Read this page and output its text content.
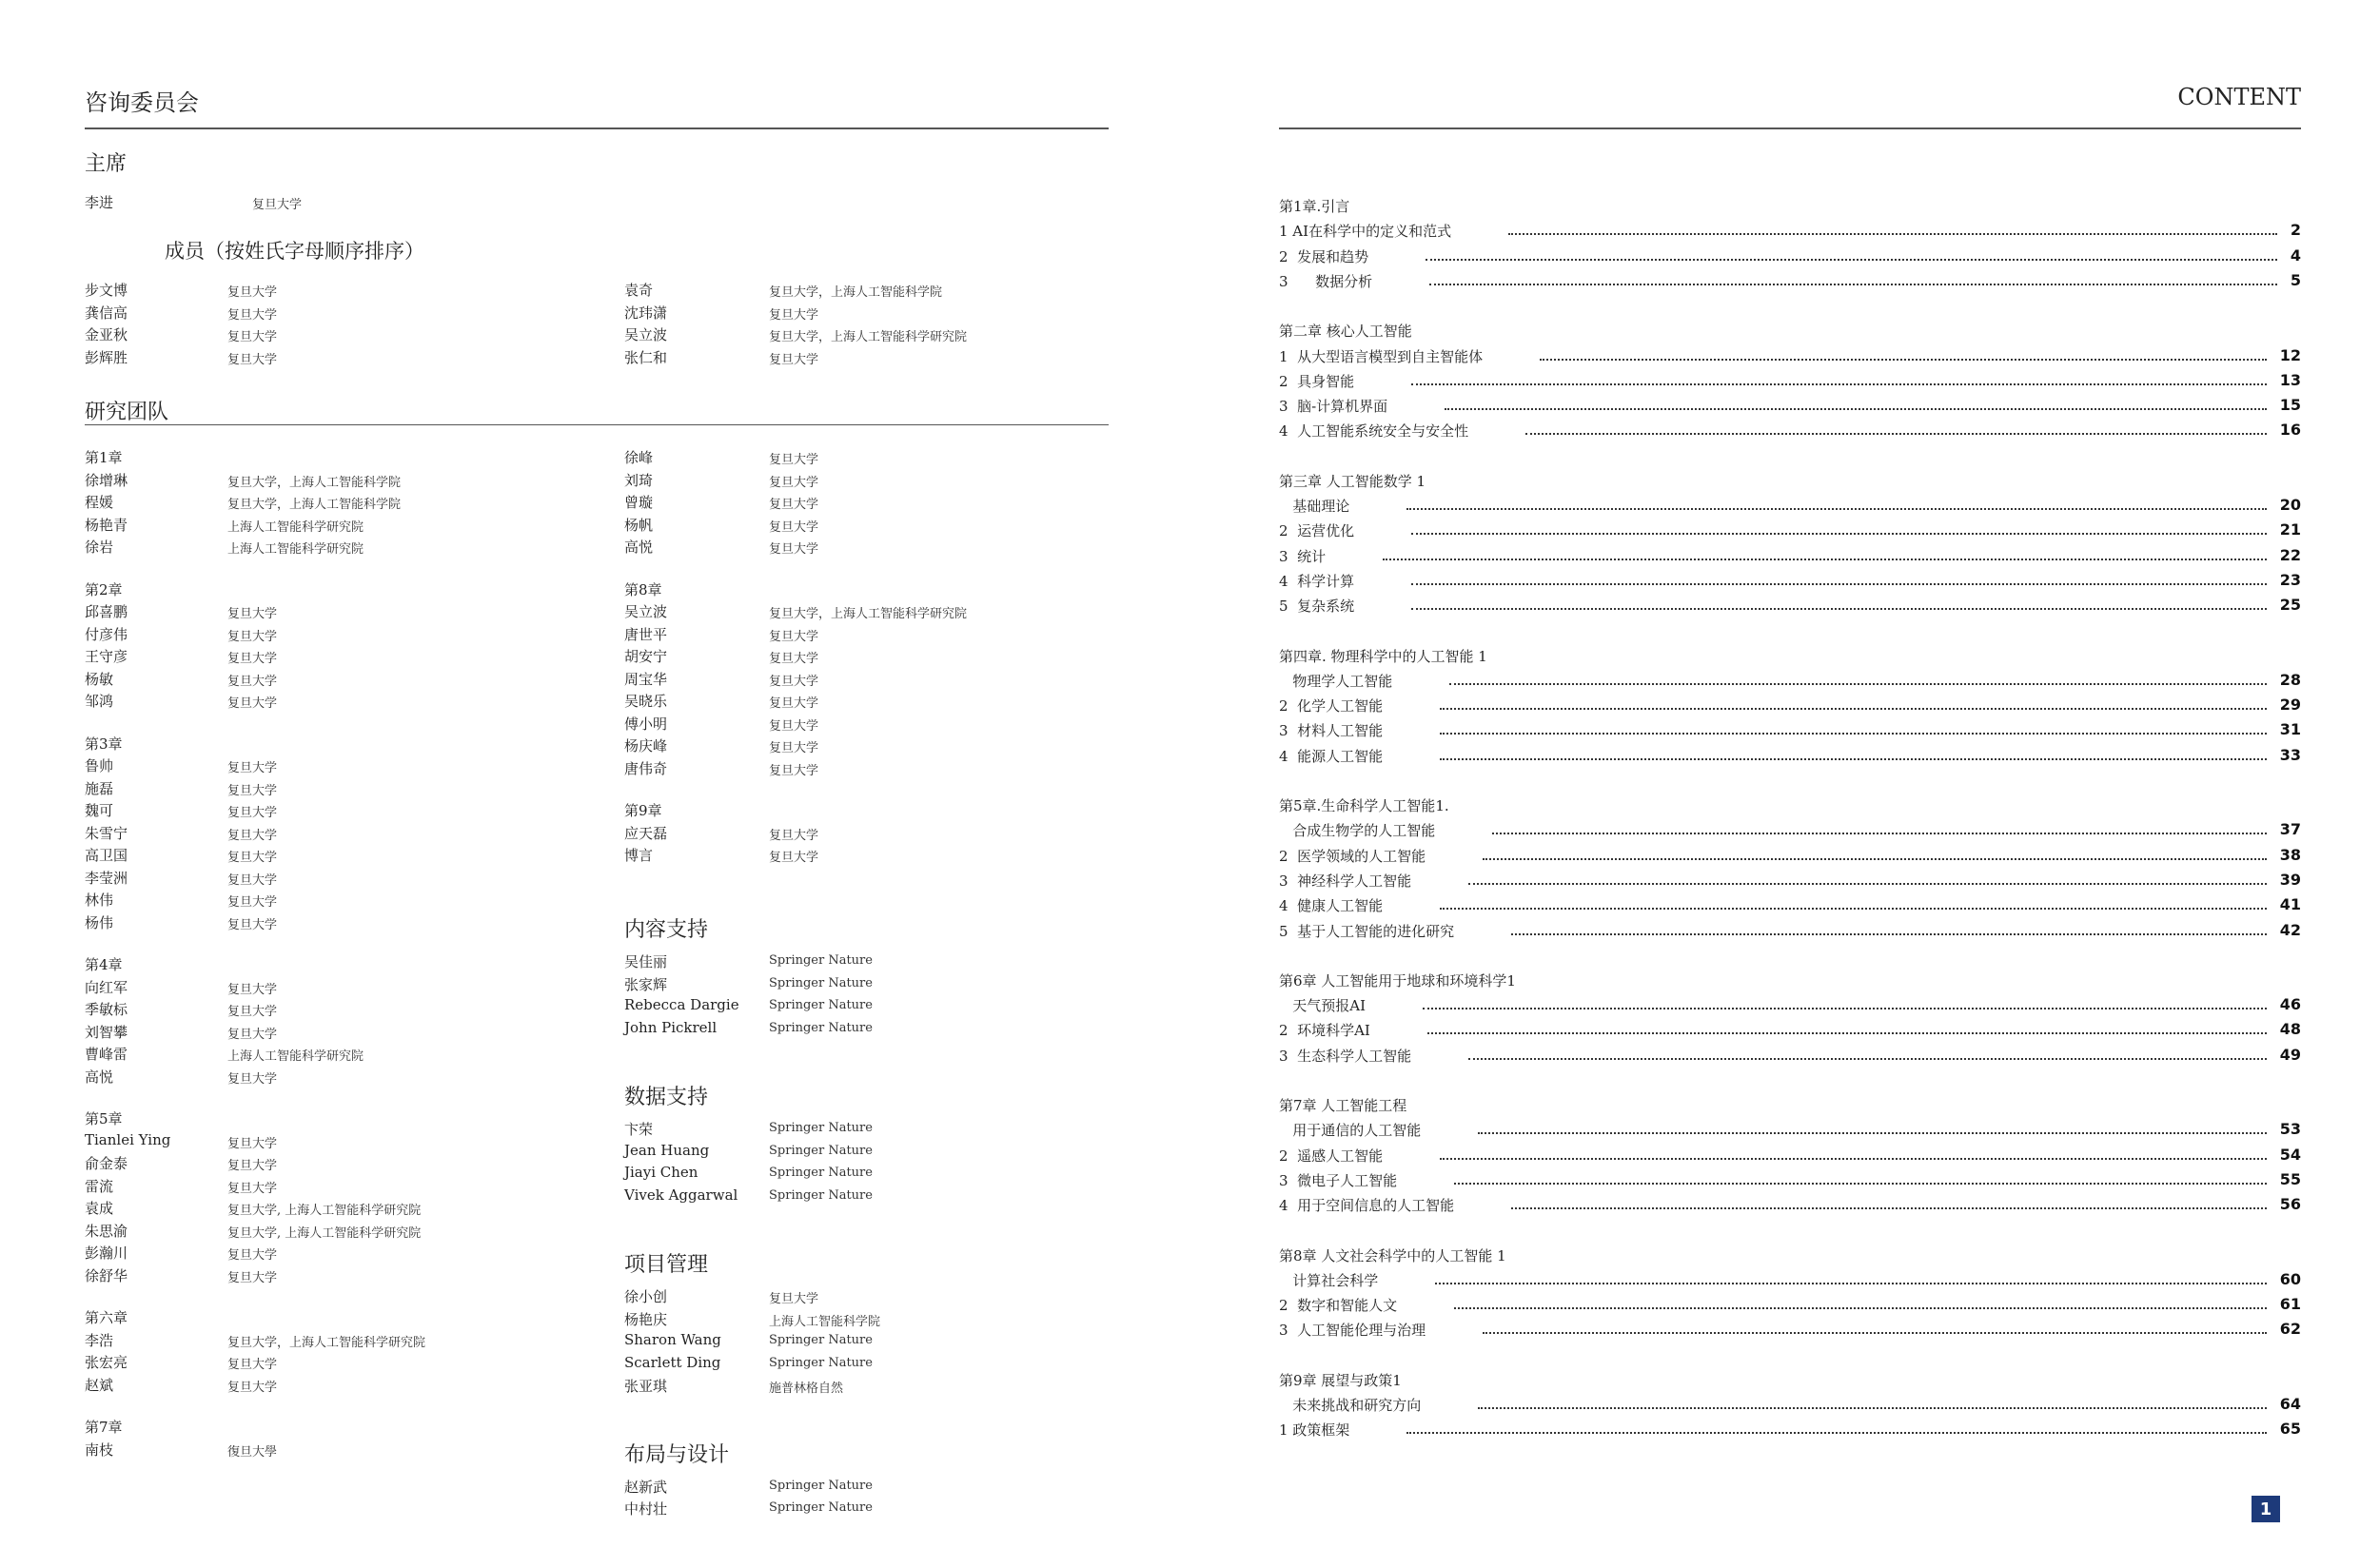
咨询委员会
主席
李进	复旦大学
成员（按姓氏字母顺序排序）
步文博	复旦大学
龚信高	复旦大学
金亚秋	复旦大学
彭辉胜	复旦大学
袁奇	复旦大学，上海人工智能科学院
沈玮潇	复旦大学
吴立波	复旦大学，上海人工智能科学研究院
张仁和	复旦大学
研究团队
第1章
徐增琳	复旦大学，上海人工智能科学院
程媛	复旦大学，上海人工智能科学院
杨艳青	上海人工智能科学研究院
徐岩	上海人工智能科学研究院
第2章
邱喜鹏	复旦大学
付彦伟	复旦大学
王守彦	复旦大学
杨敏	复旦大学
邹鸿	复旦大学
第3章
鲁帅	复旦大学
施磊	复旦大学
魏可	复旦大学
朱雪宁	复旦大学
高卫国	复旦大学
李莹洲	复旦大学
林伟	复旦大学
杨伟	复旦大学
第4章
向红军	复旦大学
季敏标	复旦大学
刘智攀	复旦大学
曹峰雷	上海人工智能科学研究院
高悦	复旦大学
第5章
Tianlei Ying	复旦大学
俞金泰	复旦大学
雷流	复旦大学
袁成	复旦大学, 上海人工智能科学研究院
朱思渝	复旦大学, 上海人工智能科学研究院
彭瀚川	复旦大学
徐舒华	复旦大学
第六章
李浩	复旦大学，上海人工智能科学研究院
张宏亮	复旦大学
赵斌	复旦大学
第7章
南枝	復旦大學
徐峰	复旦大学
刘琦	复旦大学
曾璇	复旦大学
杨帆	复旦大学
高悦	复旦大学
第8章
吴立波	复旦大学，上海人工智能科学研究院
唐世平	复旦大学
胡安宁	复旦大学
周宝华	复旦大学
吴晓乐	复旦大学
傅小明	复旦大学
杨庆峰	复旦大学
唐伟奇	复旦大学
第9章
应天磊	复旦大学
博言	复旦大学
内容支持
吴佳丽	Springer Nature
张家辉	Springer Nature
Rebecca Dargie Springer Nature
John Pickrell	Springer Nature
数据支持
卞荣	Springer Nature
Jean Huang	Springer Nature
Jiayi Chen	Springer Nature
Vivek Aggarwal	Springer Nature
项目管理
徐小创	复旦大学
杨艳庆	上海人工智能科学院
Sharon Wang	Springer Nature
Scarlett Ding	Springer Nature
张亚琪	施普林格自然
布局与设计
赵新武	Springer Nature
中村壮	Springer Nature
CONTENT
第1章.引言
1 AI在科学中的定义和范式	2
2  发展和趋势	4
3      数据分析	5
第二章 核心人工智能
1  从大型语言模型到自主智能体	12
2  具身智能	13
3  脑-计算机界面	15
4  人工智能系统安全与安全性	16
第三章 人工智能数学 1
基础理论	20
2  运营优化	21
3  统计	22
4  科学计算	23
5  复杂系统	25
第四章. 物理科学中的人工智能 1
物理学人工智能	28
2  化学人工智能	29
3  材料人工智能	31
4  能源人工智能	33
第5章.生命科学人工智能1.
合成生物学的人工智能	37
2  医学领域的人工智能	38
3  神经科学人工智能	39
4  健康人工智能	41
5  基于人工智能的进化研究	42
第6章 人工智能用于地球和环境科学1
天气预报AI	46
2  环境科学AI	48
3  生态科学人工智能	49
第7章 人工智能工程
用于通信的人工智能	53
2  遥感人工智能	54
3  微电子人工智能	55
4  用于空间信息的人工智能	56
第8章 人文社会科学中的人工智能 1
计算社会科学	60
2  数字和智能人文	61
3  人工智能伦理与治理	62
第9章 展望与政策1
未来挑战和研究方向	64
1 政策框架	65
1
